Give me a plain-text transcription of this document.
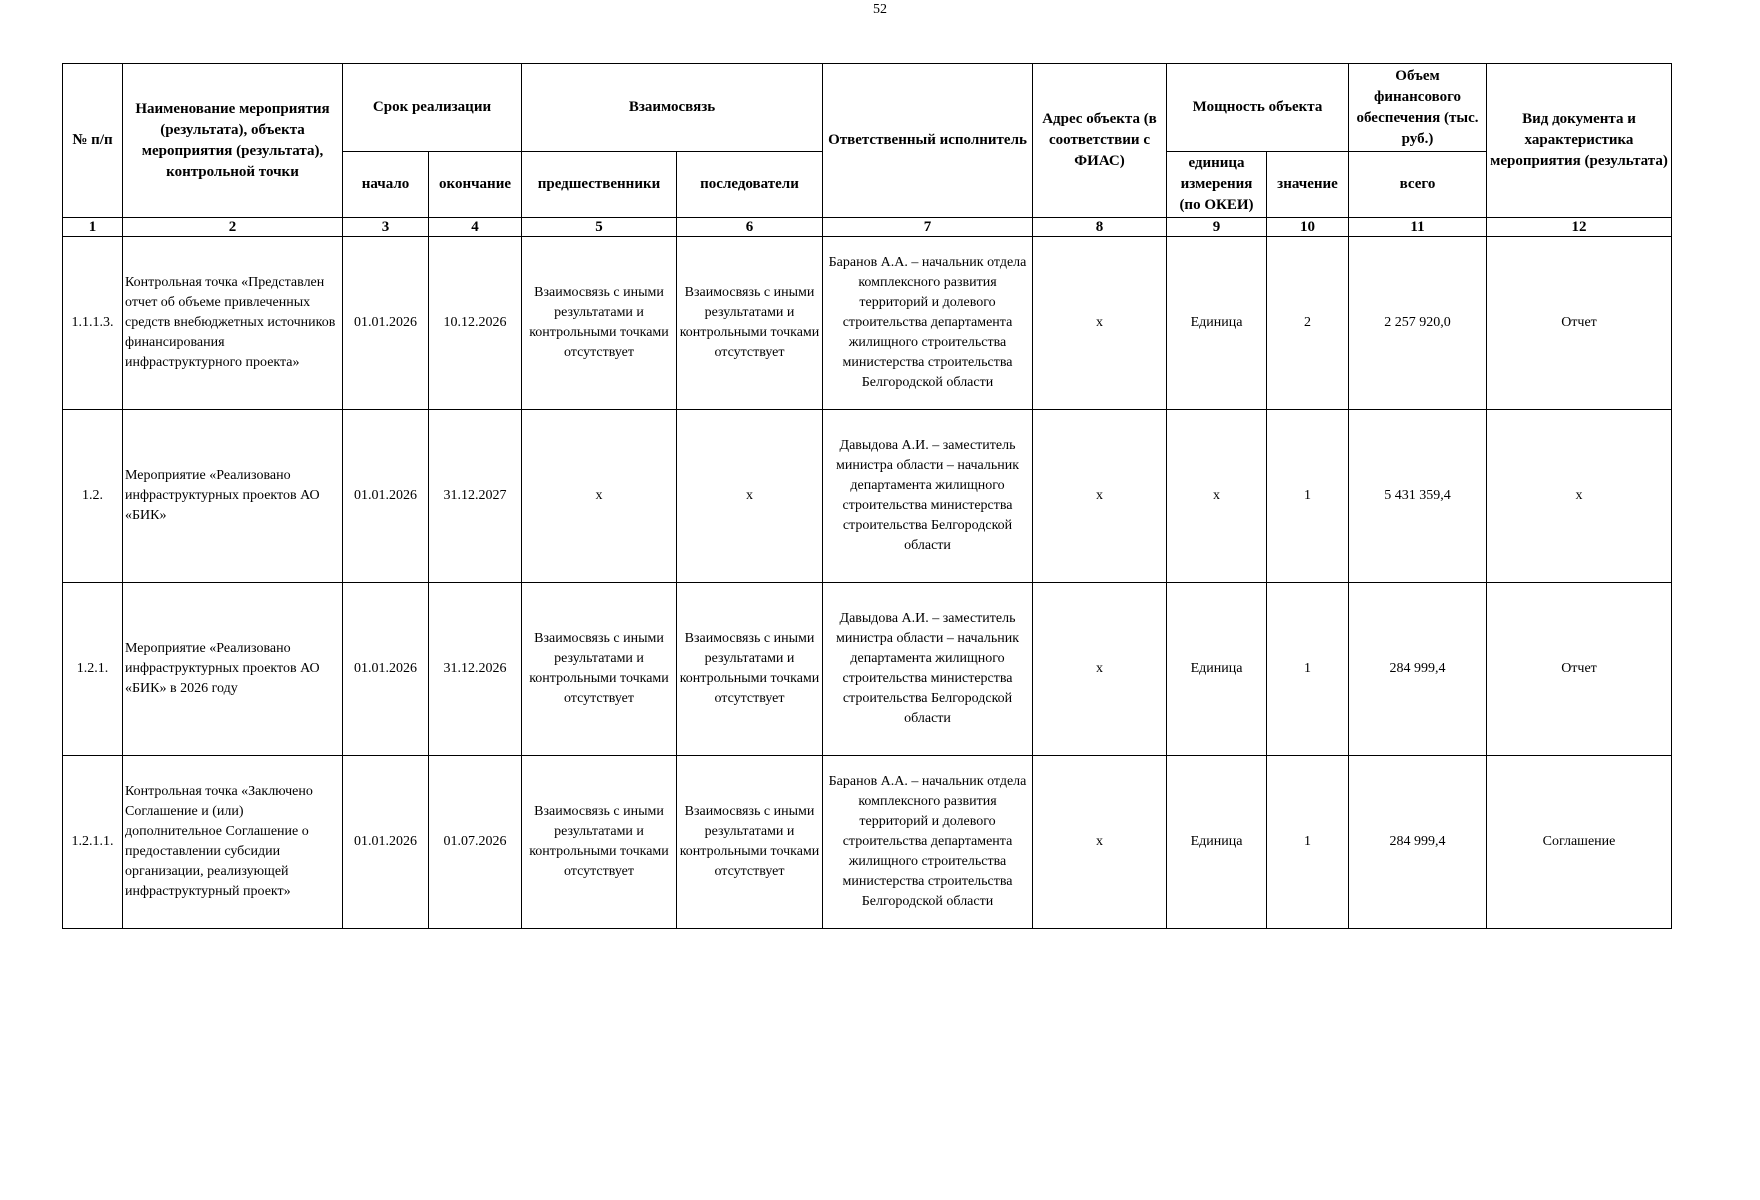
52
№ п/п	Наименование мероприятия (результата), объекта мероприятия (результата), контрольной точки	Срок реализации		Взаимосвязь		Ответственный исполнитель	Адрес объекта (в соответствии с ФИАС)	Мощность объекта		Объем финансового обеспечения (тыс. руб.)	Вид документа и характеристика мероприятия (результата)
		начало	окончание	предшественники	последователи			единица измерения (по ОКЕИ)	значение	всего	
1	2	3	4	5	6	7	8	9	10	11	12
1.1.1.3.	Контрольная точка «Представлен отчет об объеме привлеченных средств внебюджетных источников финансирования инфраструктурного проекта»	01.01.2026	10.12.2026	Взаимосвязь с иными результатами и контрольными точками отсутствует	Взаимосвязь с иными результатами и контрольными точками отсутствует	Баранов А.А. – начальник отдела комплексного развития территорий и долевого строительства департамента жилищного строительства министерства строительства Белгородской области	x	Единица	2	2 257 920,0	Отчет
1.2.	Мероприятие «Реализовано инфраструктурных проектов АО «БИК»	01.01.2026	31.12.2027	x	x	Давыдова А.И. – заместитель министра области – начальник департамента жилищного строительства министерства строительства Белгородской области	x	x	1	5 431 359,4	x
1.2.1.	Мероприятие «Реализовано инфраструктурных проектов АО «БИК» в 2026 году	01.01.2026	31.12.2026	Взаимосвязь с иными результатами и контрольными точками отсутствует	Взаимосвязь с иными результатами и контрольными точками отсутствует	Давыдова А.И. – заместитель министра области – начальник департамента жилищного строительства министерства строительства Белгородской области	x	Единица	1	284 999,4	Отчет
1.2.1.1.	Контрольная точка «Заключено Соглашение и (или) дополнительное Соглашение о предоставлении субсидии организации, реализующей инфраструктурный проект»	01.01.2026	01.07.2026	Взаимосвязь с иными результатами и контрольными точками отсутствует	Взаимосвязь с иными результатами и контрольными точками отсутствует	Баранов А.А. – начальник отдела комплексного развития территорий и долевого строительства департамента жилищного строительства министерства строительства Белгородской области	x	Единица	1	284 999,4	Соглашение
